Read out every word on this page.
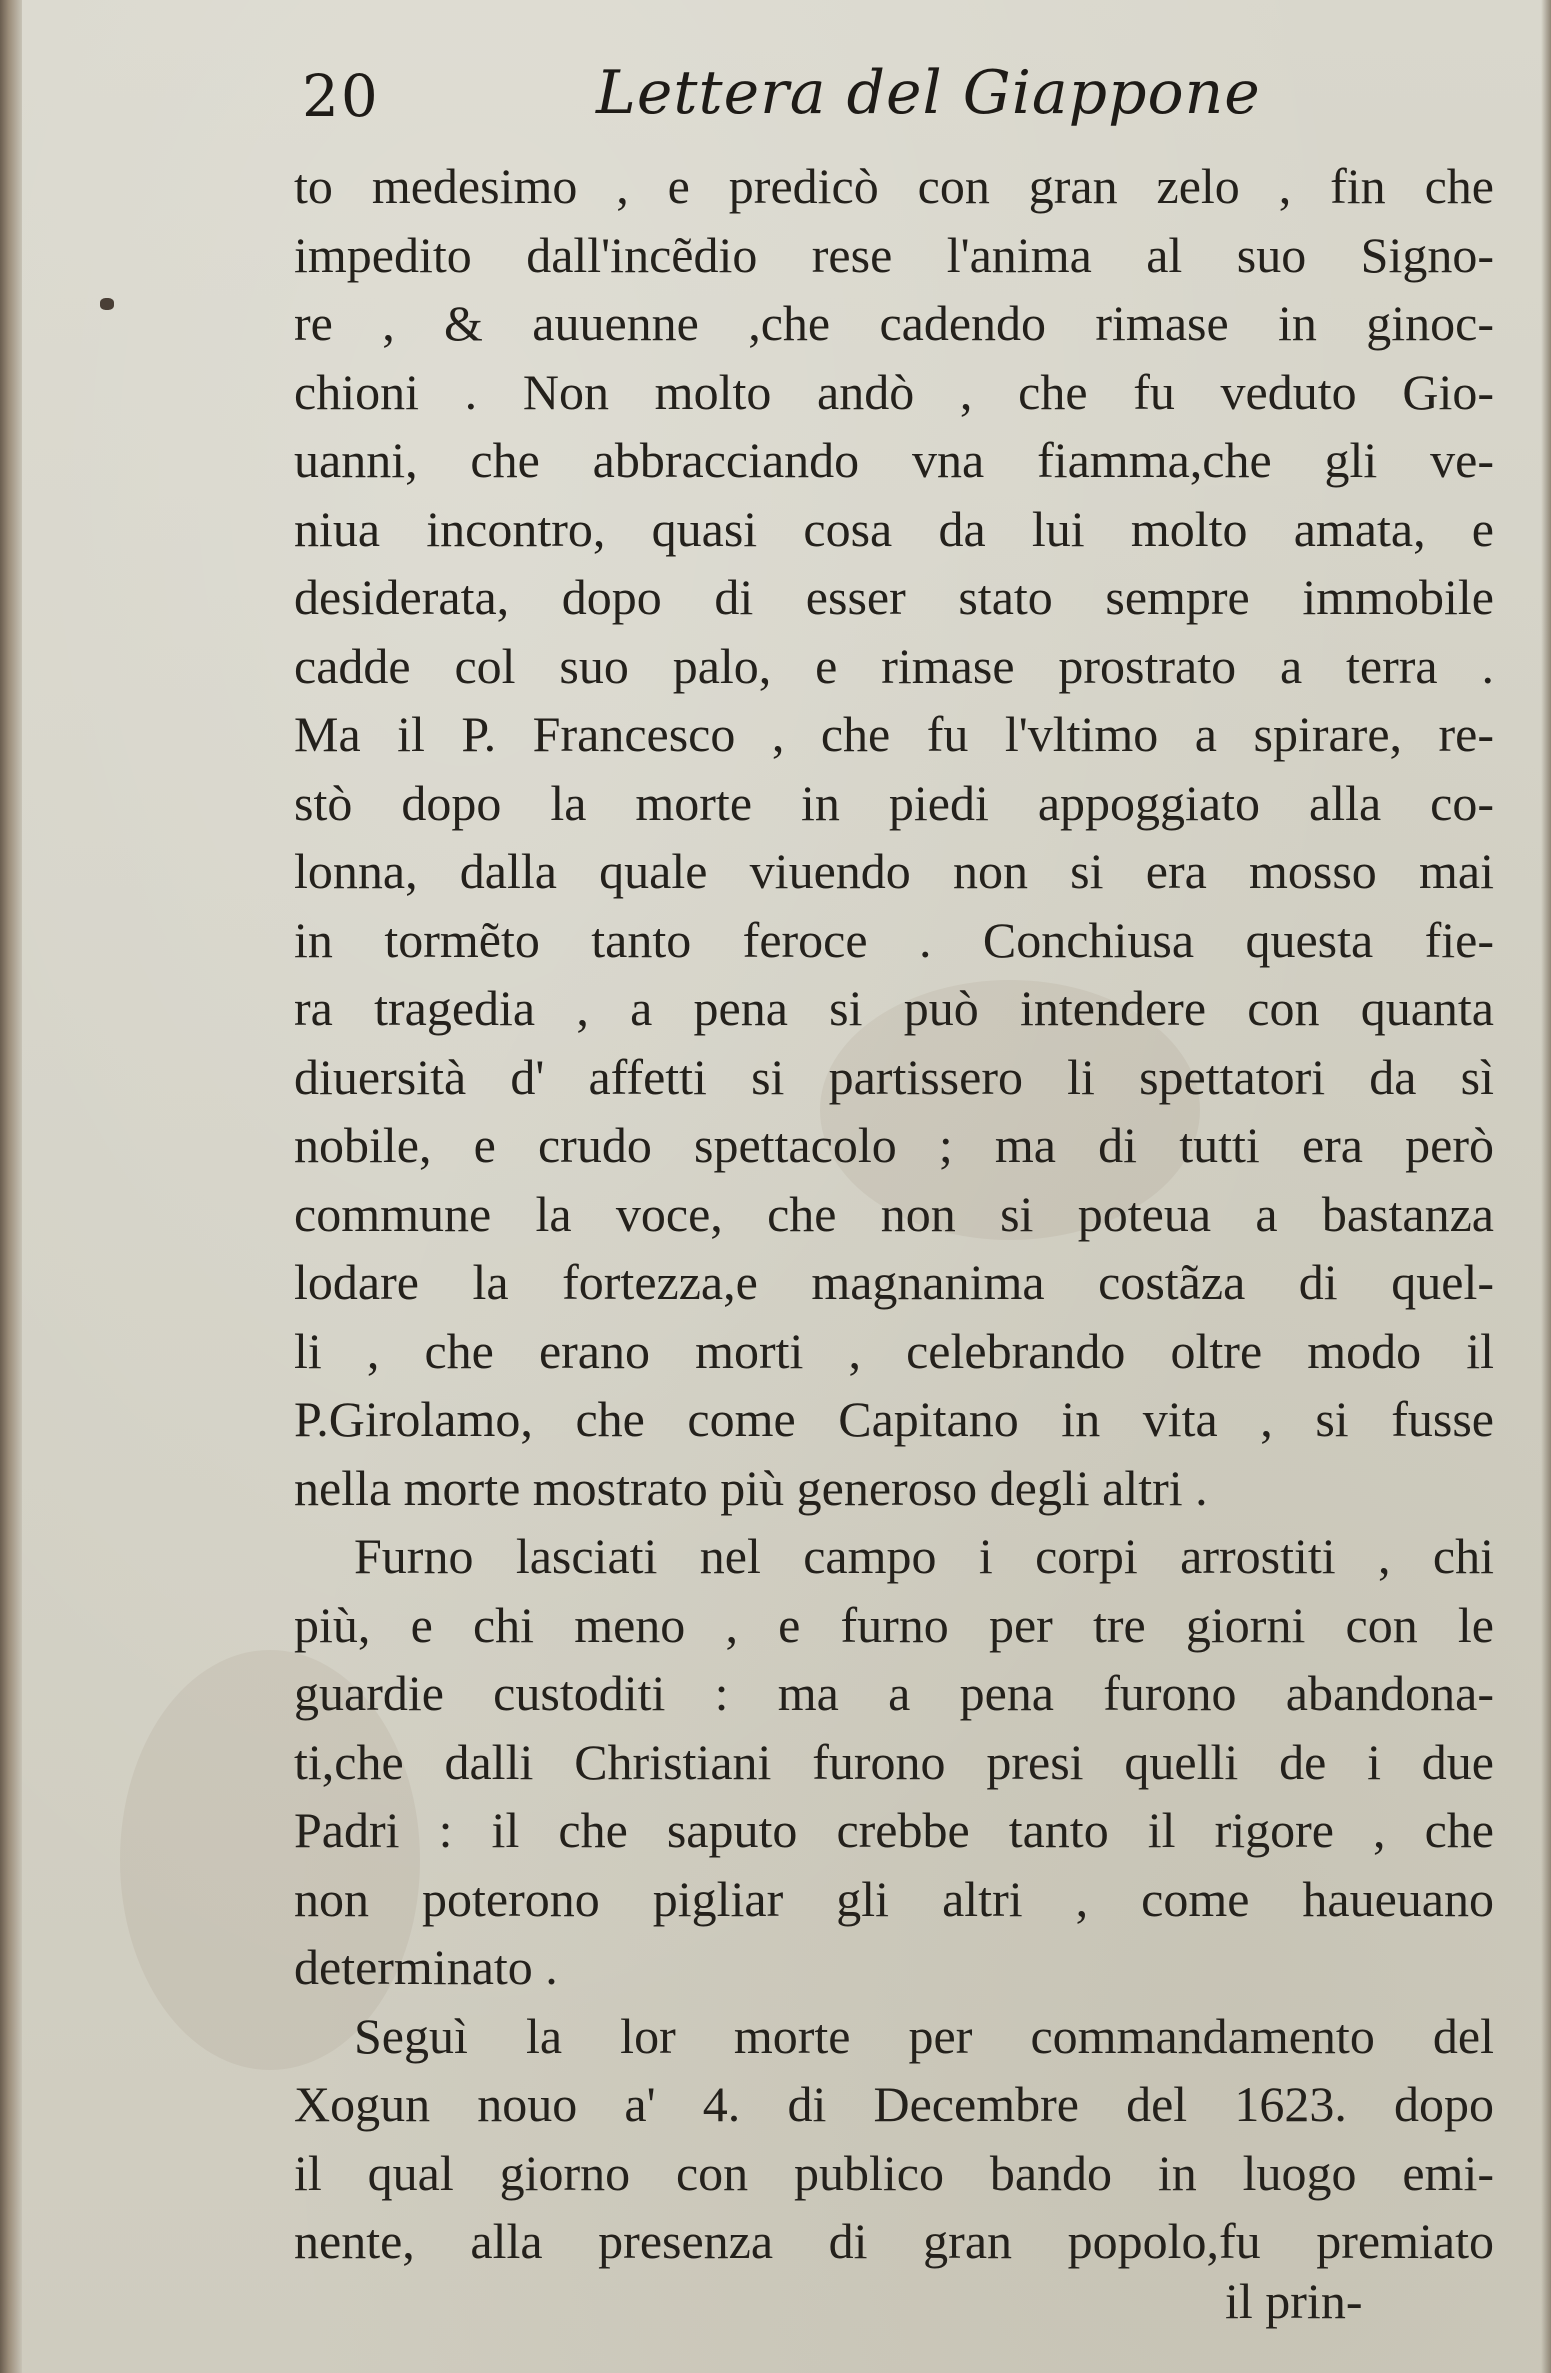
20	Lettera del Giappone
to medesimo , e predicò con gran zelo , fin che
impedito dall'incẽdio rese l'anima al suo Signo-
re , & auuenne ,che cadendo rimase in ginoc-
chioni . Non molto andò , che fu veduto Gio-
uanni, che abbracciando vna fiamma,che gli ve-
niua incontro, quasi cosa da lui molto amata, e
desiderata, dopo di esser stato sempre immobile
cadde col suo palo, e rimase prostrato a terra .
Ma il P. Francesco , che fu l'vltimo a spirare, re-
stò dopo la morte in piedi appoggiato alla co-
lonna, dalla quale viuendo non si era mosso mai
in tormẽto tanto feroce . Conchiusa questa fie-
ra tragedia , a pena si può intendere con quanta
diuersità d' affetti si partissero li spettatori da sì
nobile, e crudo spettacolo ; ma di tutti era però
commune la voce, che non si poteua a bastanza
lodare la fortezza,e magnanima costãza di quel-
li , che erano morti , celebrando oltre modo il
P.Girolamo, che come Capitano in vita , si fusse
nella morte mostrato più generoso degli altri .
Furno lasciati nel campo i corpi arrostiti , chi
più, e chi meno , e furno per tre giorni con le
guardie custoditi : ma a pena furono abandona-
ti,che dalli Christiani furono presi quelli de i due
Padri : il che saputo crebbe tanto il rigore , che
non poterono pigliar gli altri , come haueuano
determinato .
Seguì la lor morte per commandamento del
Xogun nouo a' 4. di Decembre del 1623. dopo
il qual giorno con publico bando in luogo emi-
nente, alla presenza di gran popolo,fu premiato
il prin-
